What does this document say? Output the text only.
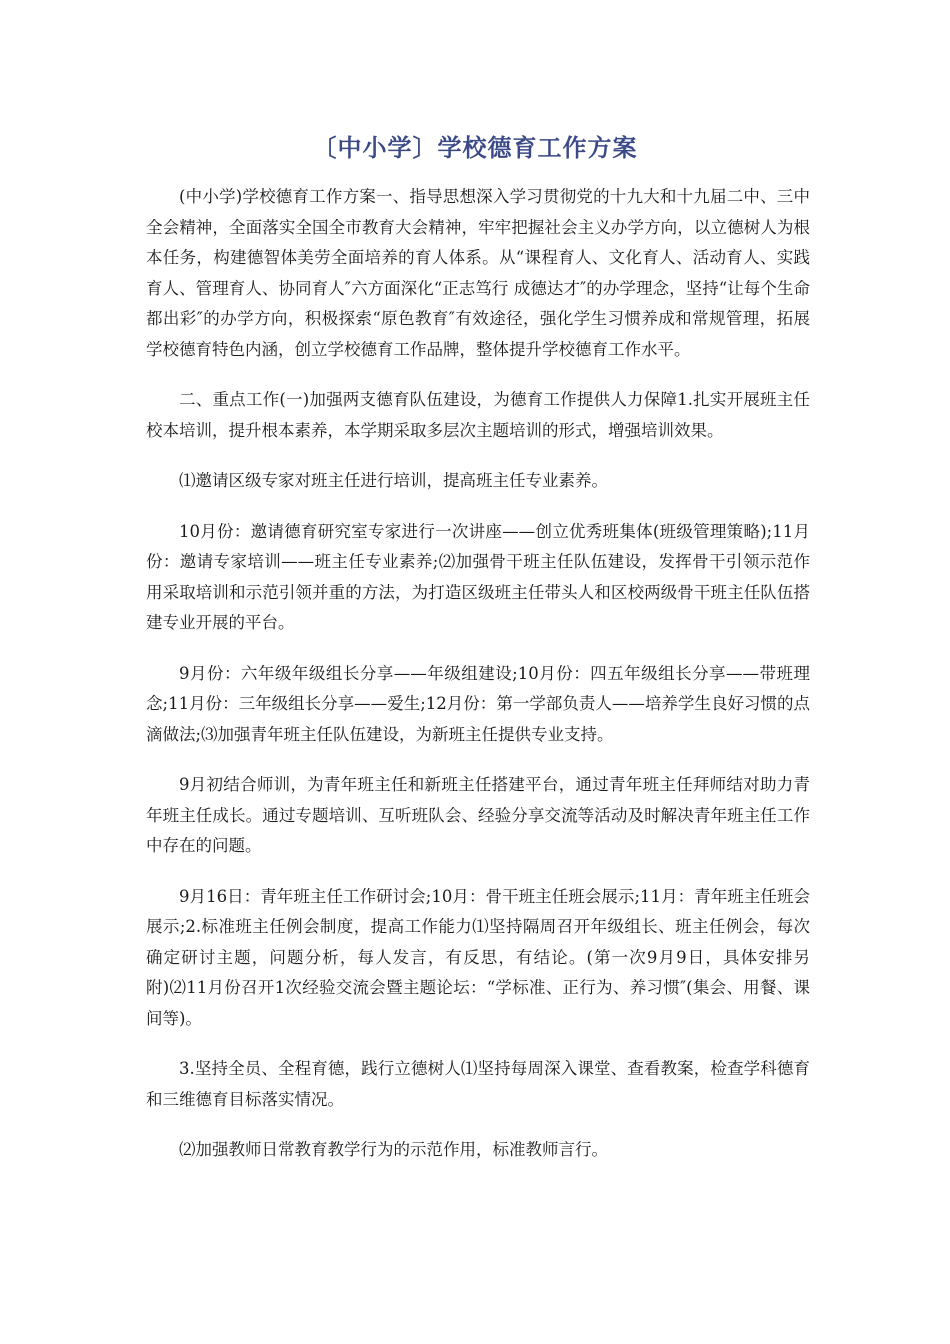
〔中小学〕学校德育工作方案

(中小学)学校德育工作方案一、指导思想深入学习贯彻党的十九大和十九届二中、三中全会精神，全面落实全国全市教育大会精神，牢牢把握社会主义办学方向，以立德树人为根本任务，构建德智体美劳全面培养的育人体系。从“课程育人、文化育人、活动育人、实践育人、管理育人、协同育人″六方面深化“正志笃行 成德达才″的办学理念，坚持“让每个生命都出彩″的办学方向，积极探索“原色教育″有效途径，强化学生习惯养成和常规管理，拓展学校德育特色内涵，创立学校德育工作品牌，整体提升学校德育工作水平。

二、重点工作(一)加强两支德育队伍建设，为德育工作提供人力保障1.扎实开展班主任校本培训，提升根本素养，本学期采取多层次主题培训的形式，增强培训效果。

⑴邀请区级专家对班主任进行培训，提高班主任专业素养。

10月份：邀请德育研究室专家进行一次讲座——创立优秀班集体(班级管理策略);11月份：邀请专家培训——班主任专业素养;⑵加强骨干班主任队伍建设，发挥骨干引领示范作用采取培训和示范引领并重的方法，为打造区级班主任带头人和区校两级骨干班主任队伍搭建专业开展的平台。

9月份：六年级年级组长分享——年级组建设;10月份：四五年级组长分享——带班理念;11月份：三年级组长分享——爱生;12月份：第一学部负责人——培养学生良好习惯的点滴做法;⑶加强青年班主任队伍建设，为新班主任提供专业支持。

9月初结合师训，为青年班主任和新班主任搭建平台，通过青年班主任拜师结对助力青年班主任成长。通过专题培训、互听班队会、经验分享交流等活动及时解决青年班主任工作中存在的问题。

9月16日：青年班主任工作研讨会;10月：骨干班主任班会展示;11月：青年班主任班会展示;2.标准班主任例会制度，提高工作能力⑴坚持隔周召开年级组长、班主任例会，每次确定研讨主题，问题分析，每人发言，有反思，有结论。(第一次9月9日，具体安排另附)⑵11月份召开1次经验交流会暨主题论坛：“学标准、正行为、养习惯″(集会、用餐、课间等)。

3.坚持全员、全程育德，践行立德树人⑴坚持每周深入课堂、查看教案，检查学科德育和三维德育目标落实情况。

⑵加强教师日常教育教学行为的示范作用，标准教师言行。
